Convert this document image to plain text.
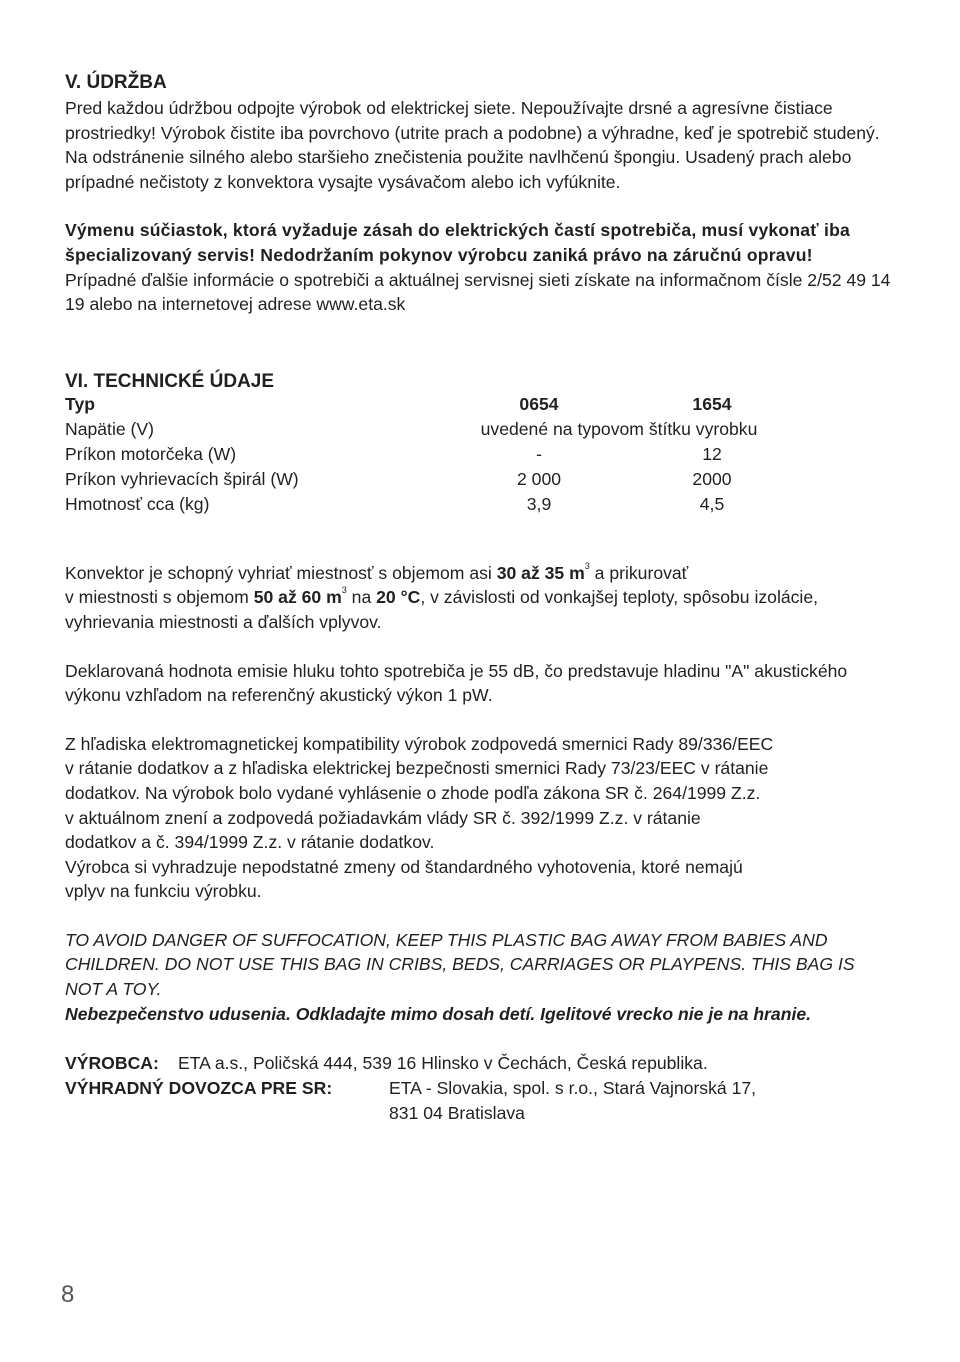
V. ÚDRŽBA

Pred každou údržbou odpojte výrobok od elektrickej siete. Nepoužívajte drsné a agresívne čistiace prostriedky! Výrobok čistite iba povrchovo (utrite prach a podobne) a výhradne, keď je spotrebič studený. Na odstránenie silného alebo staršieho znečistenia použite navlhčenú špongiu. Usadený prach alebo prípadné nečistoty z konvektora vysajte vysávačom alebo ich vyfúknite.

Výmenu súčiastok, ktorá vyžaduje zásah do elektrických častí spotrebiča, musí vykonať iba špecializovaný servis! Nedodržaním pokynov výrobcu zaniká právo na záručnú opravu!

Prípadné ďalšie informácie o spotrebiči a aktuálnej servisnej sieti získate na informačnom čísle 2/52 49 14 19 alebo na internetovej adrese www.eta.sk

VI. TECHNICKÉ ÚDAJE

Typ	0654	1654
Napätie (V)	uvedené na typovom štítku vyrobku
Príkon motorčeka (W)	-	12
Príkon vyhrievacích špirál (W)	2 000	2000
Hmotnosť cca (kg)	3,9	4,5

Konvektor je schopný vyhriať miestnosť s objemom asi 30 až 35 $m^3$ a prikurovať
v miestnosti s objemom 50 až 60 $m^3$ na 20 °C, v závislosti od vonkajšej teploty, spôsobu izolácie, vyhrievania miestnosti a ďalších vplyvov.

Deklarovaná hodnota emisie hluku tohto spotrebiča je 55 dB, čo predstavuje hladinu "A" akustického výkonu vzhľadom na referenčný akustický výkon 1 pW.

Z hľadiska elektromagnetickej kompatibility výrobok zodpovedá smernici Rady 89/336/EEC
v rátanie dodatkov a z hľadiska elektrickej bezpečnosti smernici Rady 73/23/EEC v rátanie
dodatkov. Na výrobok bolo vydané vyhlásenie o zhode podľa zákona SR č. 264/1999 Z.z.
v aktuálnom znení a zodpovedá požiadavkám vlády SR č. 392/1999 Z.z. v rátanie
dodatkov a č. 394/1999 Z.z. v rátanie dodatkov.
Výrobca si vyhradzuje nepodstatné zmeny od štandardného vyhotovenia, ktoré nemajú
vplyv na funkciu výrobku.

TO AVOID DANGER OF SUFFOCATION, KEEP THIS PLASTIC BAG AWAY FROM BABIES AND CHILDREN. DO NOT USE THIS BAG IN CRIBS, BEDS, CARRIAGES OR PLAYPENS. THIS BAG IS NOT A TOY.

Nebezpečenstvo udusenia. Odkladajte mimo dosah detí. Igelitové vrecko nie je na hranie.

VÝROBCA: ETA a.s., Poličská 444, 539 16 Hlinsko v Čechách, Česká republika.
VÝHRADNÝ DOVOZCA PRE SR:	ETA - Slovakia, spol. s r.o., Stará Vajnorská 17,
831 04 Bratislava
8
